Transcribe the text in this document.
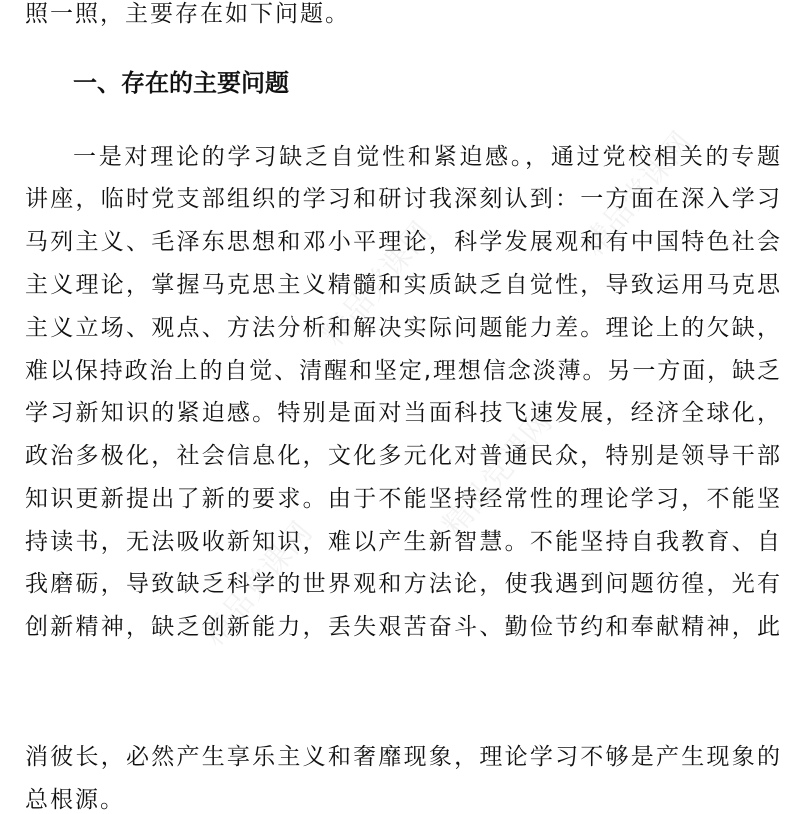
精品党课网
精品党课网
精品党课网
精品党课网
照一照，主要存在如下问题。
一、存在的主要问题
一是对理论的学习缺乏自觉性和紧迫感。，通过党校相关的专题
讲座，临时党支部组织的学习和研讨我深刻认到：一方面在深入学习
马列主义、毛泽东思想和邓小平理论，科学发展观和有中国特色社会
主义理论，掌握马克思主义精髓和实质缺乏自觉性，导致运用马克思
主义立场、观点、方法分析和解决实际问题能力差。理论上的欠缺，
难以保持政治上的自觉、清醒和坚定,理想信念淡薄。另一方面，缺乏
学习新知识的紧迫感。特别是面对当面科技飞速发展，经济全球化，
政治多极化，社会信息化，文化多元化对普通民众，特别是领导干部
知识更新提出了新的要求。由于不能坚持经常性的理论学习，不能坚
持读书，无法吸收新知识，难以产生新智慧。不能坚持自我教育、自
我磨砺，导致缺乏科学的世界观和方法论，使我遇到问题彷徨，光有
创新精神，缺乏创新能力，丢失艰苦奋斗、勤俭节约和奉献精神，此
消彼长，必然产生享乐主义和奢靡现象，理论学习不够是产生现象的
总根源。
